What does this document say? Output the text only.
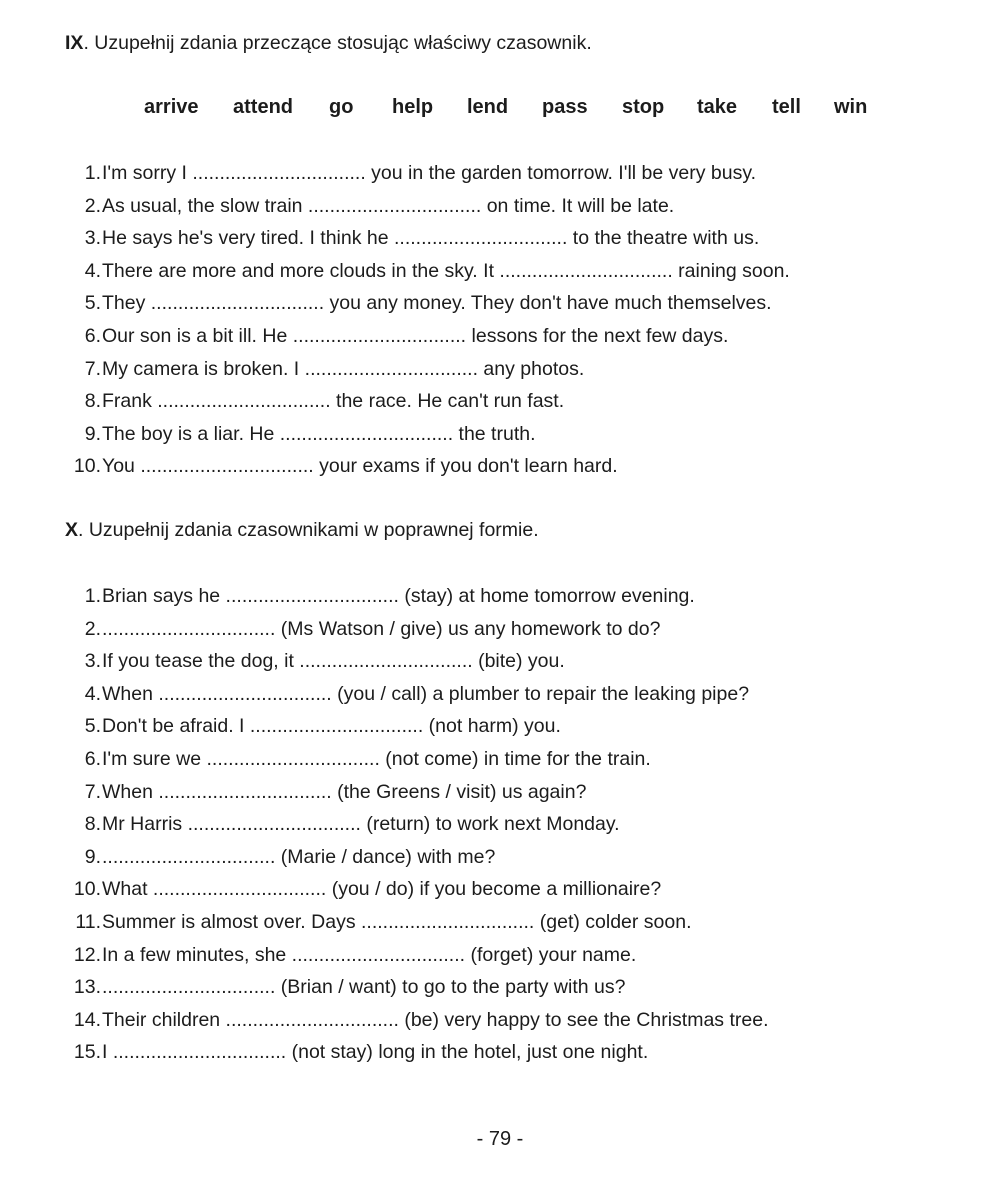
IX. Uzupełnij zdania przeczące stosując właściwy czasownik.
arrive attend go help lend pass stop take tell win
1. I'm sorry I ................................ you in the garden tomorrow. I'll be very busy.
2. As usual, the slow train ................................ on time. It will be late.
3. He says he's very tired. I think he ................................ to the theatre with us.
4. There are more and more clouds in the sky. It ................................ raining soon.
5. They ................................ you any money. They don't have much themselves.
6. Our son is a bit ill. He ................................ lessons for the next few days.
7. My camera is broken. I ................................ any photos.
8. Frank ................................ the race. He can't run fast.
9. The boy is a liar. He ................................ the truth.
10. You ................................ your exams if you don't learn hard.
X. Uzupełnij zdania czasownikami w poprawnej formie.
1. Brian says he ................................ (stay) at home tomorrow evening.
2. ................................ (Ms Watson / give) us any homework to do?
3. If you tease the dog, it ................................ (bite) you.
4. When ................................ (you / call) a plumber to repair the leaking pipe?
5. Don't be afraid. I ................................ (not harm) you.
6. I'm sure we ................................ (not come) in time for the train.
7. When ................................ (the Greens / visit) us again?
8. Mr Harris ................................ (return) to work next Monday.
9. ................................ (Marie / dance) with me?
10. What ................................ (you / do) if you become a millionaire?
11. Summer is almost over. Days ................................ (get) colder soon.
12. In a few minutes, she ................................ (forget) your name.
13. ................................ (Brian / want) to go to the party with us?
14. Their children ................................ (be) very happy to see the Christmas tree.
15. I ................................ (not stay) long in the hotel, just one night.
- 79 -
